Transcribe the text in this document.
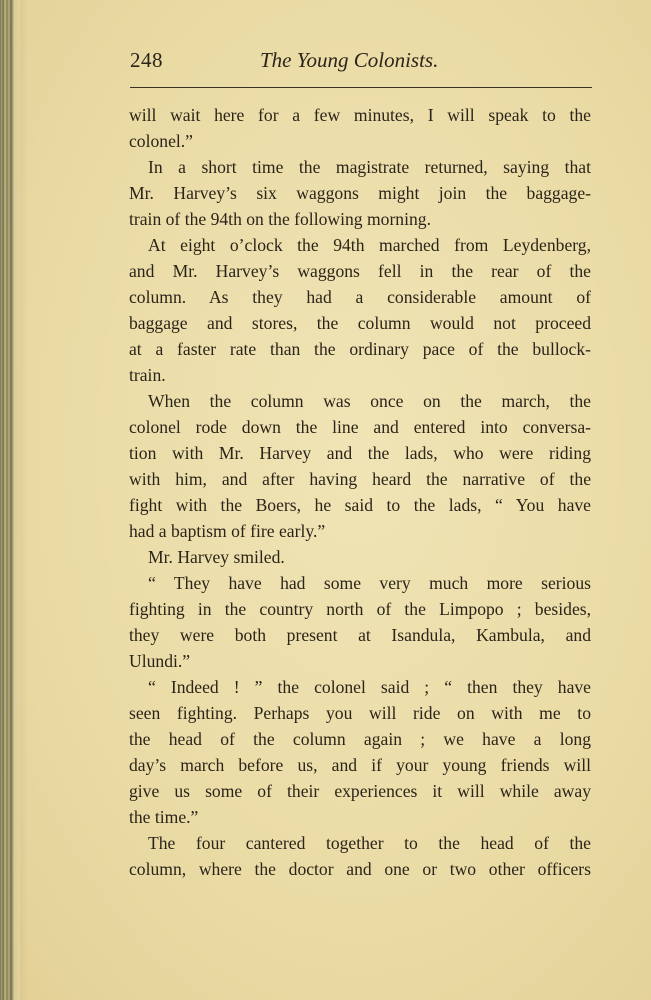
248	The Young Colonists.
will wait here for a few minutes, I will speak to the
colonel.”
In a short time the magistrate returned, saying that
Mr. Harvey’s six waggons might join the baggage-
train of the 94th on the following morning.
At eight o’clock the 94th marched from Leydenberg,
and Mr. Harvey’s waggons fell in the rear of the
column. As they had a considerable amount of
baggage and stores, the column would not proceed
at a faster rate than the ordinary pace of the bullock-
train.
When the column was once on the march, the
colonel rode down the line and entered into conversa-
tion with Mr. Harvey and the lads, who were riding
with him, and after having heard the narrative of the
fight with the Boers, he said to the lads, “ You have
had a baptism of fire early.”
Mr. Harvey smiled.
“ They have had some very much more serious
fighting in the country north of the Limpopo ; besides,
they were both present at Isandula, Kambula, and
Ulundi.”
“ Indeed ! ” the colonel said ; “ then they have
seen fighting. Perhaps you will ride on with me to
the head of the column again ; we have a long
day’s march before us, and if your young friends will
give us some of their experiences it will while away
the time.”
The four cantered together to the head of the
column, where the doctor and one or two other officers
